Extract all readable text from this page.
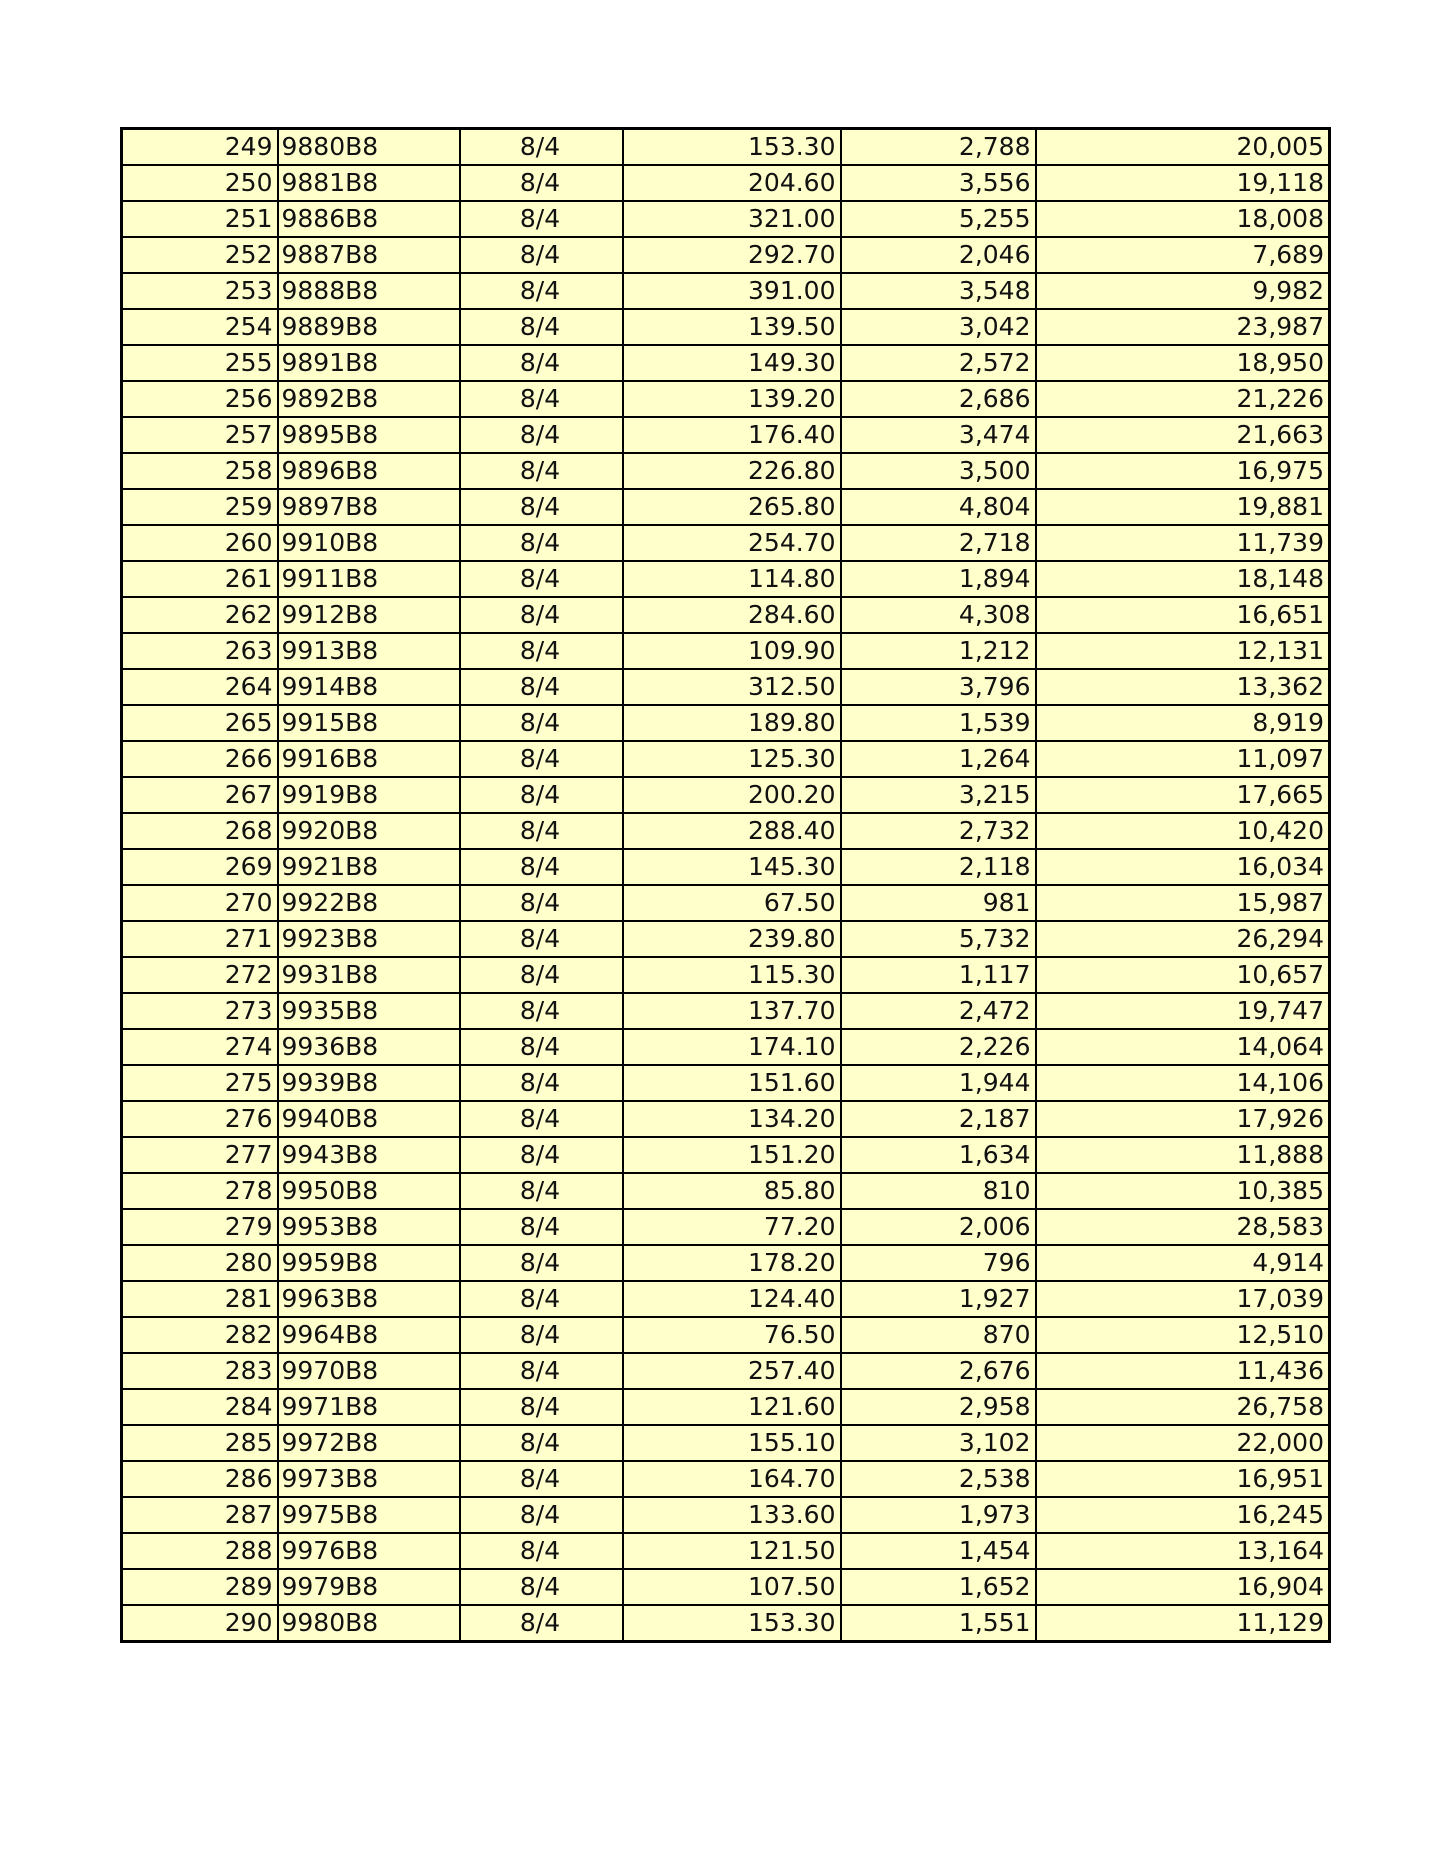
249	9880B8	8/4	153.30	2,788	20,005
250	9881B8	8/4	204.60	3,556	19,118
251	9886B8	8/4	321.00	5,255	18,008
252	9887B8	8/4	292.70	2,046	7,689
253	9888B8	8/4	391.00	3,548	9,982
254	9889B8	8/4	139.50	3,042	23,987
255	9891B8	8/4	149.30	2,572	18,950
256	9892B8	8/4	139.20	2,686	21,226
257	9895B8	8/4	176.40	3,474	21,663
258	9896B8	8/4	226.80	3,500	16,975
259	9897B8	8/4	265.80	4,804	19,881
260	9910B8	8/4	254.70	2,718	11,739
261	9911B8	8/4	114.80	1,894	18,148
262	9912B8	8/4	284.60	4,308	16,651
263	9913B8	8/4	109.90	1,212	12,131
264	9914B8	8/4	312.50	3,796	13,362
265	9915B8	8/4	189.80	1,539	8,919
266	9916B8	8/4	125.30	1,264	11,097
267	9919B8	8/4	200.20	3,215	17,665
268	9920B8	8/4	288.40	2,732	10,420
269	9921B8	8/4	145.30	2,118	16,034
270	9922B8	8/4	67.50	981	15,987
271	9923B8	8/4	239.80	5,732	26,294
272	9931B8	8/4	115.30	1,117	10,657
273	9935B8	8/4	137.70	2,472	19,747
274	9936B8	8/4	174.10	2,226	14,064
275	9939B8	8/4	151.60	1,944	14,106
276	9940B8	8/4	134.20	2,187	17,926
277	9943B8	8/4	151.20	1,634	11,888
278	9950B8	8/4	85.80	810	10,385
279	9953B8	8/4	77.20	2,006	28,583
280	9959B8	8/4	178.20	796	4,914
281	9963B8	8/4	124.40	1,927	17,039
282	9964B8	8/4	76.50	870	12,510
283	9970B8	8/4	257.40	2,676	11,436
284	9971B8	8/4	121.60	2,958	26,758
285	9972B8	8/4	155.10	3,102	22,000
286	9973B8	8/4	164.70	2,538	16,951
287	9975B8	8/4	133.60	1,973	16,245
288	9976B8	8/4	121.50	1,454	13,164
289	9979B8	8/4	107.50	1,652	16,904
290	9980B8	8/4	153.30	1,551	11,129
